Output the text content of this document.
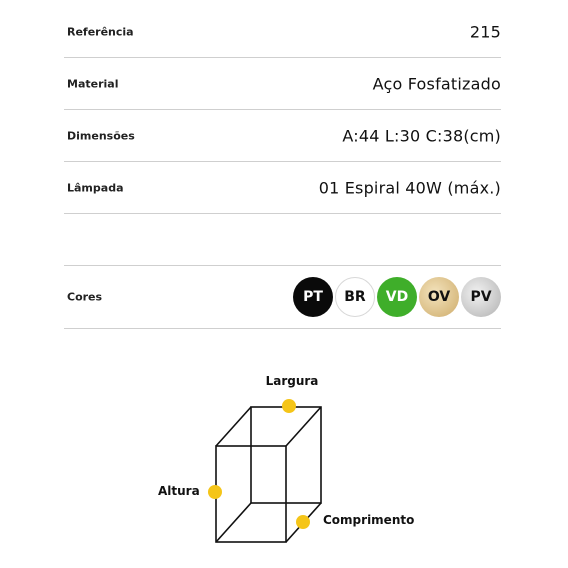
Referência	215
Material	Aço Fosfatizado
Dimensões	A:44 L:30 C:38(cm)
Lâmpada	01 Espiral 40W (máx.)
Cores	PT	BR	VD	OV	PV
Largura
Altura
Comprimento
